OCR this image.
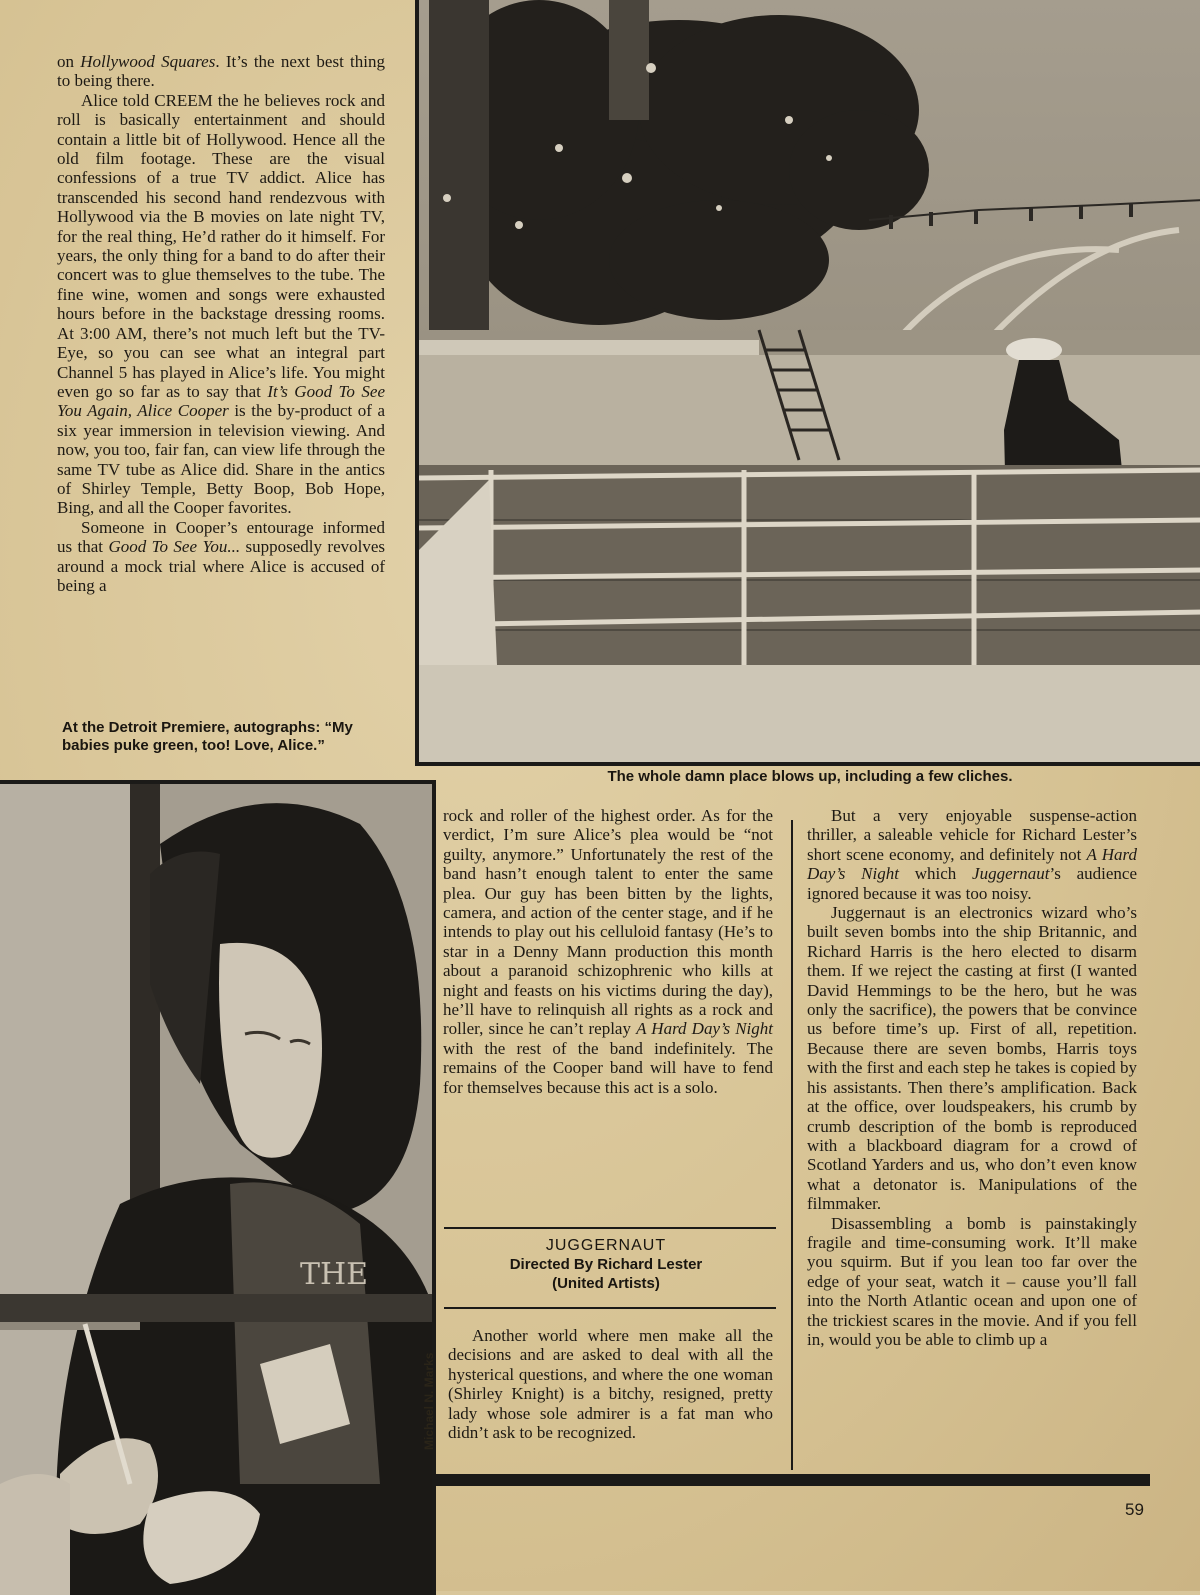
on Hollywood Squares. It’s the next best thing to being there.

Alice told CREEM the he believes rock and roll is basically entertainment and should contain a little bit of Hollywood. Hence all the old film footage. These are the visual confessions of a true TV addict. Alice has transcended his second hand rendezvous with Hollywood via the B movies on late night TV, for the real thing, He’d rather do it himself. For years, the only thing for a band to do after their concert was to glue themselves to the tube. The fine wine, women and songs were exhausted hours before in the backstage dressing rooms. At 3:00 AM, there’s not much left but the TV-Eye, so you can see what an integral part Channel 5 has played in Alice’s life. You might even go so far as to say that It’s Good To See You Again, Alice Cooper is the by-product of a six year immersion in television viewing. And now, you too, fair fan, can view life through the same TV tube as Alice did. Share in the antics of Shirley Temple, Betty Boop, Bob Hope, Bing, and all the Cooper favorites.

Someone in Cooper’s entourage informed us that Good To See You... supposedly revolves around a mock trial where Alice is accused of being a

At the Detroit Premiere, autographs: “My babies puke green, too! Love, Alice.”
The whole damn place blows up, including a few cliches.
THE

rock and roller of the highest order. As for the verdict, I’m sure Alice’s plea would be “not guilty, anymore.” Unfortunately the rest of the band hasn’t enough talent to enter the same plea. Our guy has been bitten by the lights, camera, and action of the center stage, and if he intends to play out his celluloid fantasy (He’s to star in a Denny Mann production this month about a paranoid schizophrenic who kills at night and feasts on his victims during the day), he’ll have to relinquish all rights as a rock and roller, since he can’t replay A Hard Day’s Night with the rest of the band indefinitely. The remains of the Cooper band will have to fend for themselves because this act is a solo.

JUGGERNAUT
Directed By Richard Lester
(United Artists)

Another world where men make all the decisions and are asked to deal with all the hysterical questions, and where the one woman (Shirley Knight) is a bitchy, resigned, pretty lady whose sole admirer is a fat man who didn’t ask to be recognized.

Michael N. Marks

But a very enjoyable suspense-action thriller, a saleable vehicle for Richard Lester’s short scene economy, and definitely not A Hard Day’s Night which Juggernaut’s audience ignored because it was too noisy.

Juggernaut is an electronics wizard who’s built seven bombs into the ship Britannic, and Richard Harris is the hero elected to disarm them. If we reject the casting at first (I wanted David Hemmings to be the hero, but he was only the sacrifice), the powers that be convince us before time’s up. First of all, repetition. Because there are seven bombs, Harris toys with the first and each step he takes is copied by his assistants. Then there’s amplification. Back at the office, over loudspeakers, his crumb by crumb description of the bomb is reproduced with a blackboard diagram for a crowd of Scotland Yarders and us, who don’t even know what a detonator is. Manipulations of the filmmaker.

Disassembling a bomb is painstakingly fragile and time-consuming work. It’ll make you squirm. But if you lean too far over the edge of your seat, watch it – cause you’ll fall into the North Atlantic ocean and upon one of the trickiest scares in the movie. And if you fell in, would you be able to climb up a

59
